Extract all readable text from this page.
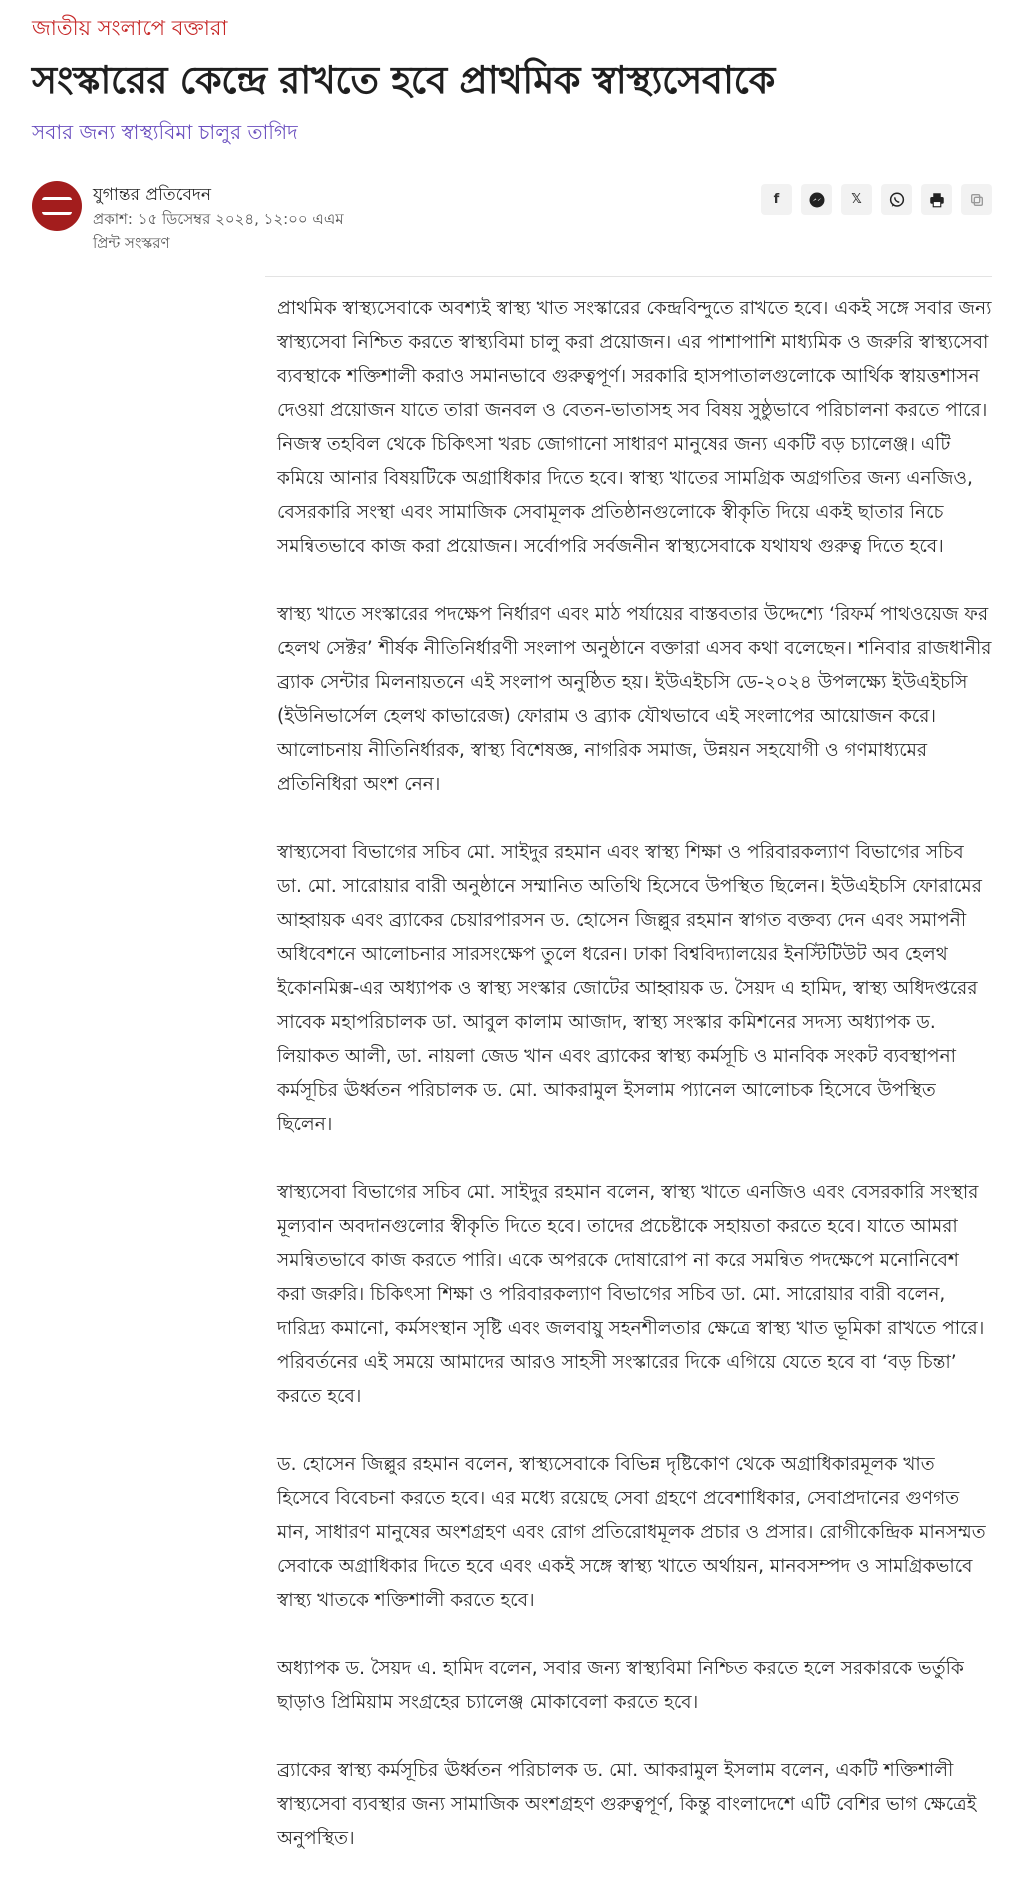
জাতীয় সংলাপে বক্তারা
সংস্কারের কেন্দ্রে রাখতে হবে প্রাথমিক স্বাস্থ্যসেবাকে
সবার জন্য স্বাস্থ্যবিমা চালুর তাগিদ
যুগান্তর প্রতিবেদন
প্রকাশ: ১৫ ডিসেম্বর ২০২৪, ১২:০০ এএম
প্রিন্ট সংস্করণ
f	𝕏

প্রাথমিক স্বাস্থ্যসেবাকে অবশ্যই স্বাস্থ্য খাত সংস্কারের কেন্দ্রবিন্দুতে রাখতে হবে। একই সঙ্গে সবার জন্য স্বাস্থ্যসেবা নিশ্চিত করতে স্বাস্থ্যবিমা চালু করা প্রয়োজন। এর পাশাপাশি মাধ্যমিক ও জরুরি স্বাস্থ্যসেবা ব্যবস্থাকে শক্তিশালী করাও সমানভাবে গুরুত্বপূর্ণ। সরকারি হাসপাতালগুলোকে আর্থিক স্বায়ত্তশাসন দেওয়া প্রয়োজন যাতে তারা জনবল ও বেতন-ভাতাসহ সব বিষয় সুষ্ঠুভাবে পরিচালনা করতে পারে। নিজস্ব তহবিল থেকে চিকিৎসা খরচ জোগানো সাধারণ মানুষের জন্য একটি বড় চ্যালেঞ্জ। এটি কমিয়ে আনার বিষয়টিকে অগ্রাধিকার দিতে হবে। স্বাস্থ্য খাতের সামগ্রিক অগ্রগতির জন্য এনজিও, বেসরকারি সংস্থা এবং সামাজিক সেবামূলক প্রতিষ্ঠানগুলোকে স্বীকৃতি দিয়ে একই ছাতার নিচে সমন্বিতভাবে কাজ করা প্রয়োজন। সর্বোপরি সর্বজনীন স্বাস্থ্যসেবাকে যথাযথ গুরুত্ব দিতে হবে।

স্বাস্থ্য খাতে সংস্কারের পদক্ষেপ নির্ধারণ এবং মাঠ পর্যায়ের বাস্তবতার উদ্দেশ্যে ‘রিফর্ম পাথওয়েজ ফর হেলথ সেক্টর’ শীর্ষক নীতিনির্ধারণী সংলাপ অনুষ্ঠানে বক্তারা এসব কথা বলেছেন। শনিবার রাজধানীর ব্র্যাক সেন্টার মিলনায়তনে এই সংলাপ অনুষ্ঠিত হয়। ইউএইচসি ডে-২০২৪ উপলক্ষ্যে ইউএইচসি (ইউনিভার্সেল হেলথ কাভারেজ) ফোরাম ও ব্র্যাক যৌথভাবে এই সংলাপের আয়োজন করে। আলোচনায় নীতিনির্ধারক, স্বাস্থ্য বিশেষজ্ঞ, নাগরিক সমাজ, উন্নয়ন সহযোগী ও গণমাধ্যমের প্রতিনিধিরা অংশ নেন।

স্বাস্থ্যসেবা বিভাগের সচিব মো. সাইদুর রহমান এবং স্বাস্থ্য শিক্ষা ও পরিবারকল্যাণ বিভাগের সচিব ডা. মো. সারোয়ার বারী অনুষ্ঠানে সম্মানিত অতিথি হিসেবে উপস্থিত ছিলেন। ইউএইচসি ফোরামের আহ্বায়ক এবং ব্র্যাকের চেয়ারপারসন ড. হোসেন জিল্লুর রহমান স্বাগত বক্তব্য দেন এবং সমাপনী অধিবেশনে আলোচনার সারসংক্ষেপ তুলে ধরেন। ঢাকা বিশ্ববিদ্যালয়ের ইনস্টিটিউট অব হেলথ ইকোনমিক্স-এর অধ্যাপক ও স্বাস্থ্য সংস্কার জোটের আহ্বায়ক ড. সৈয়দ এ হামিদ, স্বাস্থ্য অধিদপ্তরের সাবেক মহাপরিচালক ডা. আবুল কালাম আজাদ, স্বাস্থ্য সংস্কার কমিশনের সদস্য অধ্যাপক ড. লিয়াকত আলী, ডা. নায়লা জেড খান এবং ব্র্যাকের স্বাস্থ্য কর্মসূচি ও মানবিক সংকট ব্যবস্থাপনা কর্মসূচির ঊর্ধ্বতন পরিচালক ড. মো. আকরামুল ইসলাম প্যানেল আলোচক হিসেবে উপস্থিত ছিলেন।

স্বাস্থ্যসেবা বিভাগের সচিব মো. সাইদুর রহমান বলেন, স্বাস্থ্য খাতে এনজিও এবং বেসরকারি সংস্থার মূল্যবান অবদানগুলোর স্বীকৃতি দিতে হবে। তাদের প্রচেষ্টাকে সহায়তা করতে হবে। যাতে আমরা সমন্বিতভাবে কাজ করতে পারি। একে অপরকে দোষারোপ না করে সমন্বিত পদক্ষেপে মনোনিবেশ করা জরুরি। চিকিৎসা শিক্ষা ও পরিবারকল্যাণ বিভাগের সচিব ডা. মো. সারোয়ার বারী বলেন, দারিদ্র্য কমানো, কর্মসংস্থান সৃষ্টি এবং জলবায়ু সহনশীলতার ক্ষেত্রে স্বাস্থ্য খাত ভূমিকা রাখতে পারে। পরিবর্তনের এই সময়ে আমাদের আরও সাহসী সংস্কারের দিকে এগিয়ে যেতে হবে বা ‘বড় চিন্তা’ করতে হবে।

ড. হোসেন জিল্লুর রহমান বলেন, স্বাস্থ্যসেবাকে বিভিন্ন দৃষ্টিকোণ থেকে অগ্রাধিকারমূলক খাত হিসেবে বিবেচনা করতে হবে। এর মধ্যে রয়েছে সেবা গ্রহণে প্রবেশাধিকার, সেবাপ্রদানের গুণগত মান, সাধারণ মানুষের অংশগ্রহণ এবং রোগ প্রতিরোধমূলক প্রচার ও প্রসার। রোগীকেন্দ্রিক মানসম্মত সেবাকে অগ্রাধিকার দিতে হবে এবং একই সঙ্গে স্বাস্থ্য খাতে অর্থায়ন, মানবসম্পদ ও সামগ্রিকভাবে স্বাস্থ্য খাতকে শক্তিশালী করতে হবে।

অধ্যাপক ড. সৈয়দ এ. হামিদ বলেন, সবার জন্য স্বাস্থ্যবিমা নিশ্চিত করতে হলে সরকারকে ভর্তুকি ছাড়াও প্রিমিয়াম সংগ্রহের চ্যালেঞ্জ মোকাবেলা করতে হবে।

ব্র্যাকের স্বাস্থ্য কর্মসূচির ঊর্ধ্বতন পরিচালক ড. মো. আকরামুল ইসলাম বলেন, একটি শক্তিশালী স্বাস্থ্যসেবা ব্যবস্থার জন্য সামাজিক অংশগ্রহণ গুরুত্বপূর্ণ, কিন্তু বাংলাদেশে এটি বেশির ভাগ ক্ষেত্রেই অনুপস্থিত।
